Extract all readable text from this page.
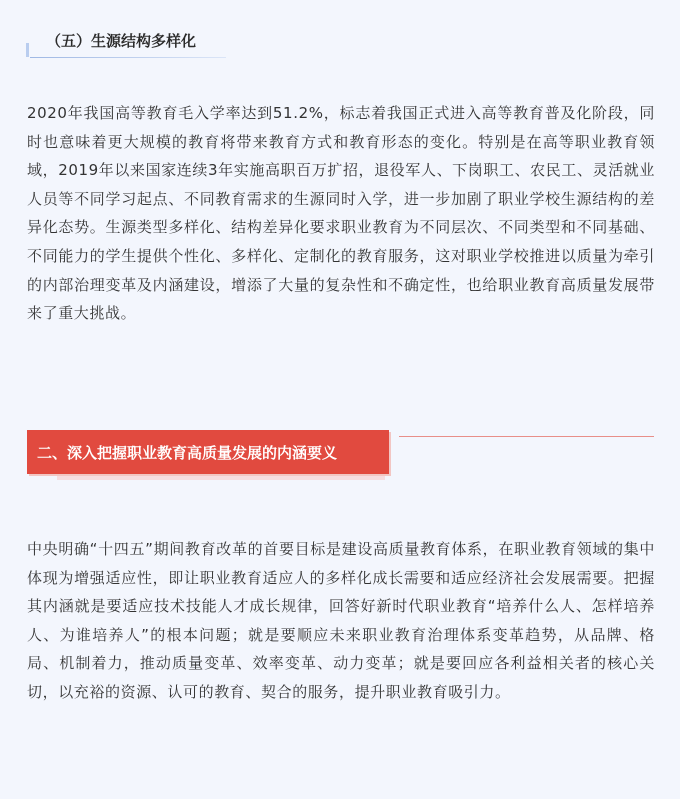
（五）生源结构多样化

2020年我国高等教育毛入学率达到51.2%，标志着我国正式进入高等教育普及化阶段，同时也意味着更大规模的教育将带来教育方式和教育形态的变化。特别是在高等职业教育领域，2019年以来国家连续3年实施高职百万扩招，退役军人、下岗职工、农民工、灵活就业人员等不同学习起点、不同教育需求的生源同时入学，进一步加剧了职业学校生源结构的差异化态势。生源类型多样化、结构差异化要求职业教育为不同层次、不同类型和不同基础、不同能力的学生提供个性化、多样化、定制化的教育服务，这对职业学校推进以质量为牵引的内部治理变革及内涵建设，增添了大量的复杂性和不确定性，也给职业教育高质量发展带来了重大挑战。

二、深入把握职业教育高质量发展的内涵要义

中央明确“十四五”期间教育改革的首要目标是建设高质量教育体系，在职业教育领域的集中体现为增强适应性，即让职业教育适应人的多样化成长需要和适应经济社会发展需要。把握其内涵就是要适应技术技能人才成长规律，回答好新时代职业教育“培养什么人、怎样培养人、为谁培养人”的根本问题；就是要顺应未来职业教育治理体系变革趋势，从品牌、格局、机制着力，推动质量变革、效率变革、动力变革；就是要回应各利益相关者的核心关切，以充裕的资源、认可的教育、契合的服务，提升职业教育吸引力。
